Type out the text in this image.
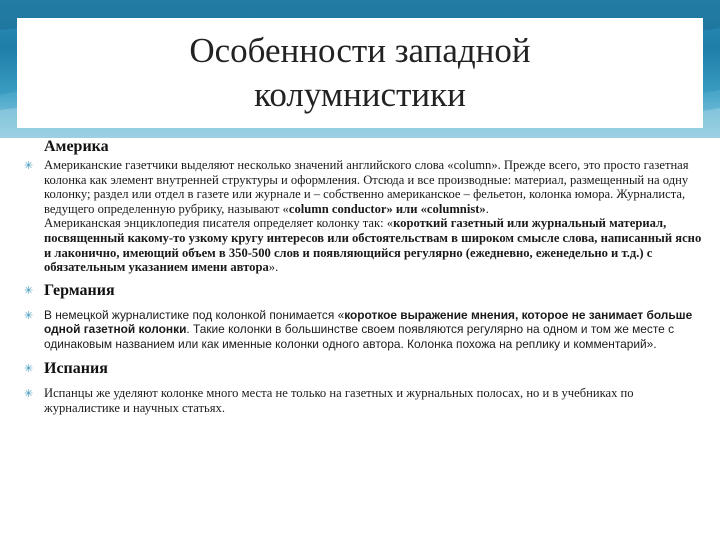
Особенности западной колумнистики
Америка
✳ Американские газетчики выделяют несколько значений английского слова «column». Прежде всего, это просто газетная колонка как элемент внутренней структуры и оформления. Отсюда и все производные: материал, размещенный на одну колонку; раздел или отдел в газете или журнале и – собственно американское – фельетон, колонка юмора. Журналиста, ведущего определенную рубрику, называют «column conductor» или «columnist».
Американская энциклопедия писателя определяет колонку так: «короткий газетный или журнальный материал, посвященный какому-то узкому кругу интересов или обстоятельствам в широком смысле слова, написанный ясно и лаконично, имеющий объем в 350-500 слов и появляющийся регулярно (ежедневно, еженедельно и т.д.) с обязательным указанием имени автора».
✳ Германия
✳ В немецкой журналистике под колонкой понимается «короткое выражение мнения, которое не занимает больше одной газетной колонки. Такие колонки в большинстве своем появляются регулярно на одном и том же месте с одинаковым названием или как именные колонки одного автора. Колонка похожа на реплику и комментарий».
✳ Испания
✳ Испанцы же уделяют колонке много места не только на газетных и журнальных полосах, но и в учебниках по журналистике и научных статьях.
